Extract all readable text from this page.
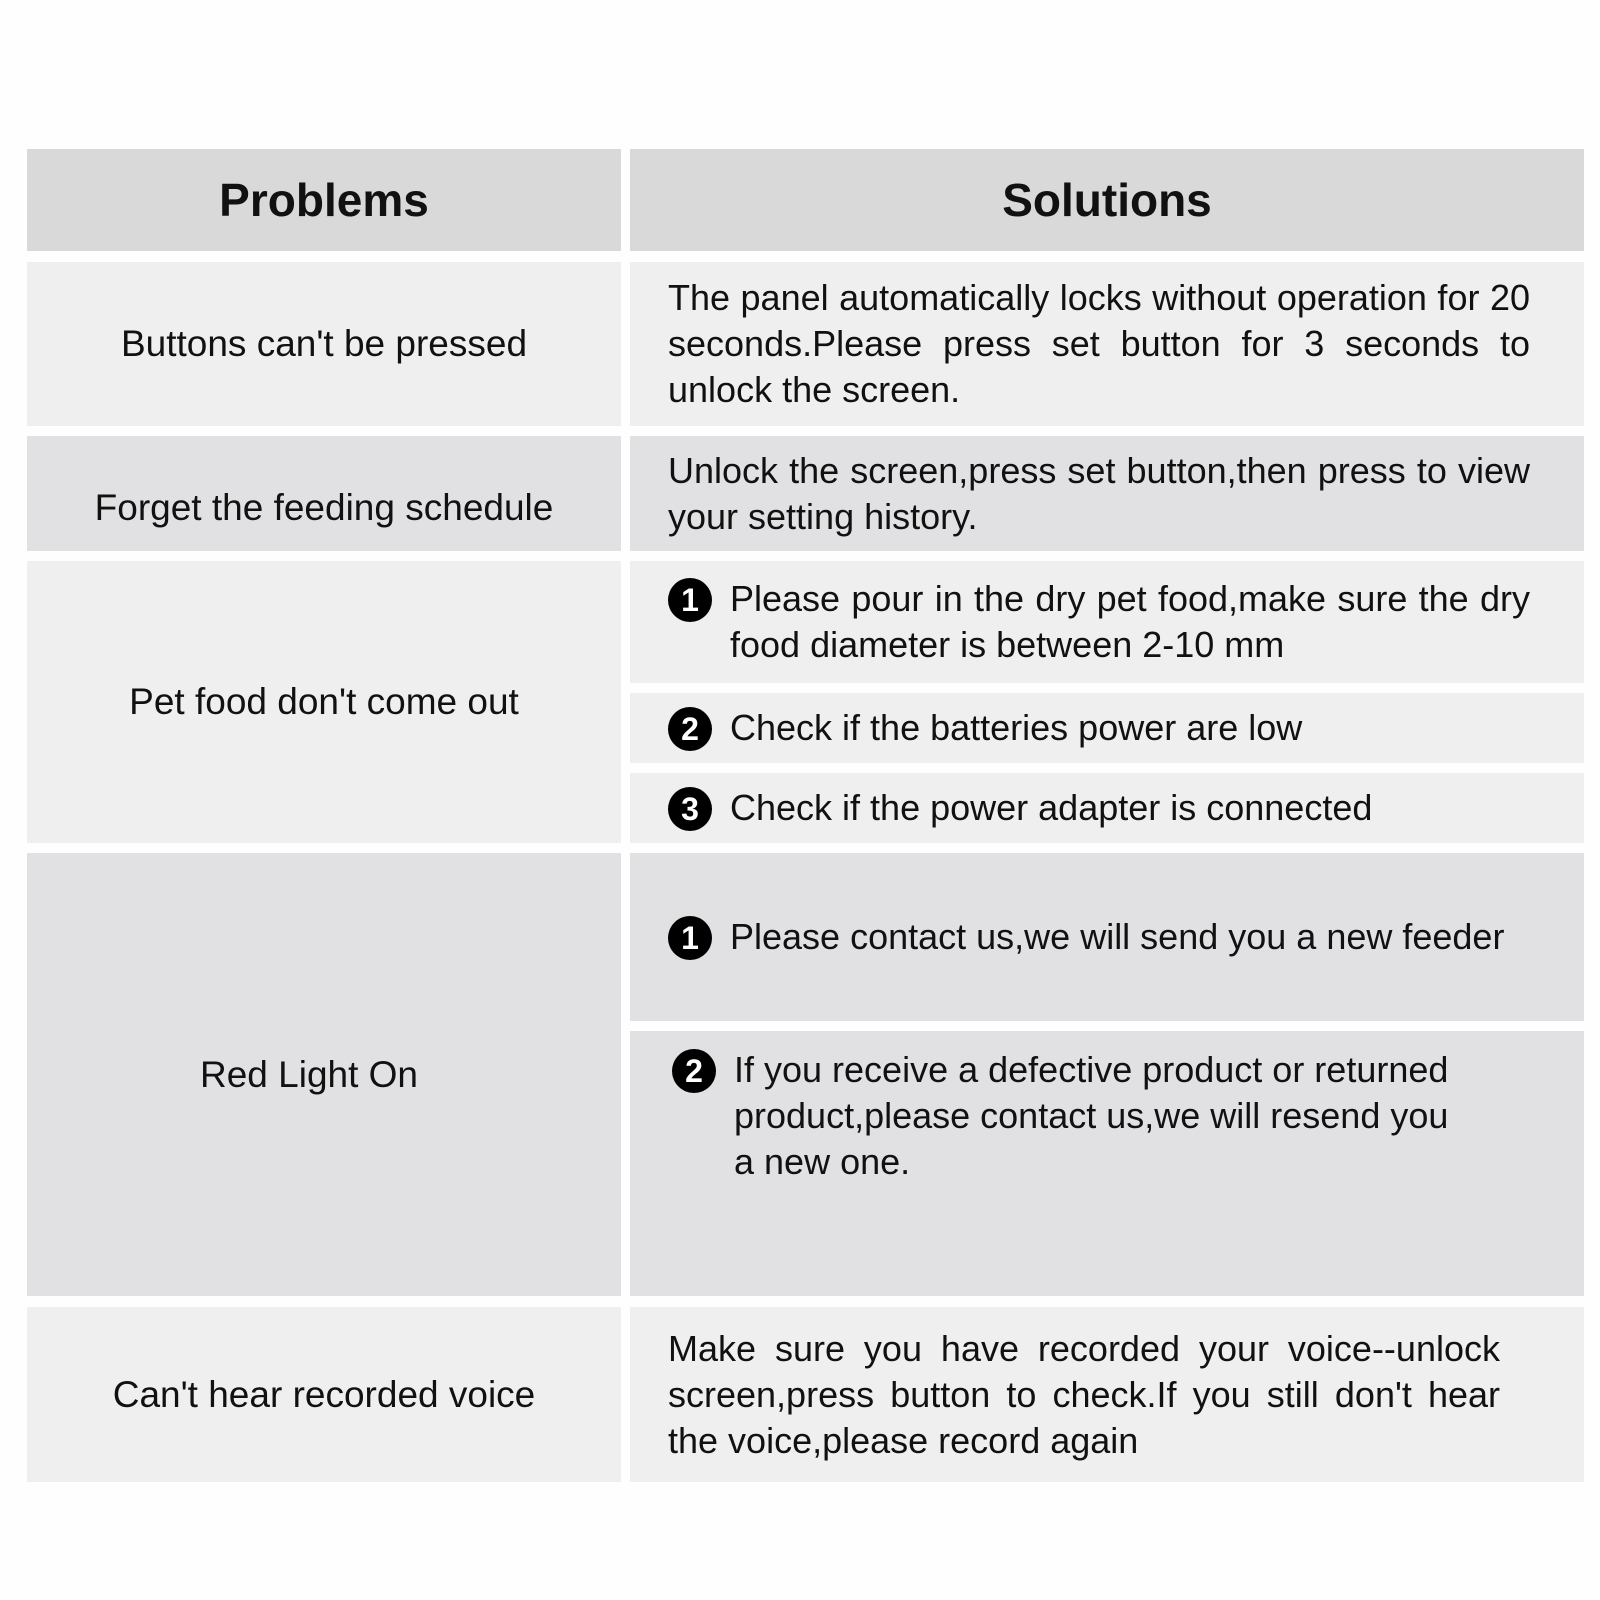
Problems	Solutions
Buttons can't be pressed
The panel automatically locks without operation for 20 seconds.Please press set button for 3 seconds to unlock the screen.
Forget the feeding schedule
Unlock the screen,press set button,then press to view your setting history.
Pet food don't come out
1 Please pour in the dry pet food,make sure the dry food diameter is between 2-10 mm
2 Check if the batteries power are low
3 Check if the power adapter is connected
Red Light On
1 Please contact us,we will send you a new feeder
2 If you receive a defective product or returned product,please contact us,we will resend you a new one.
Can't hear recorded voice
Make sure you have recorded your voice--unlock screen,press button to check.If you still don't hear the voice,please record again
